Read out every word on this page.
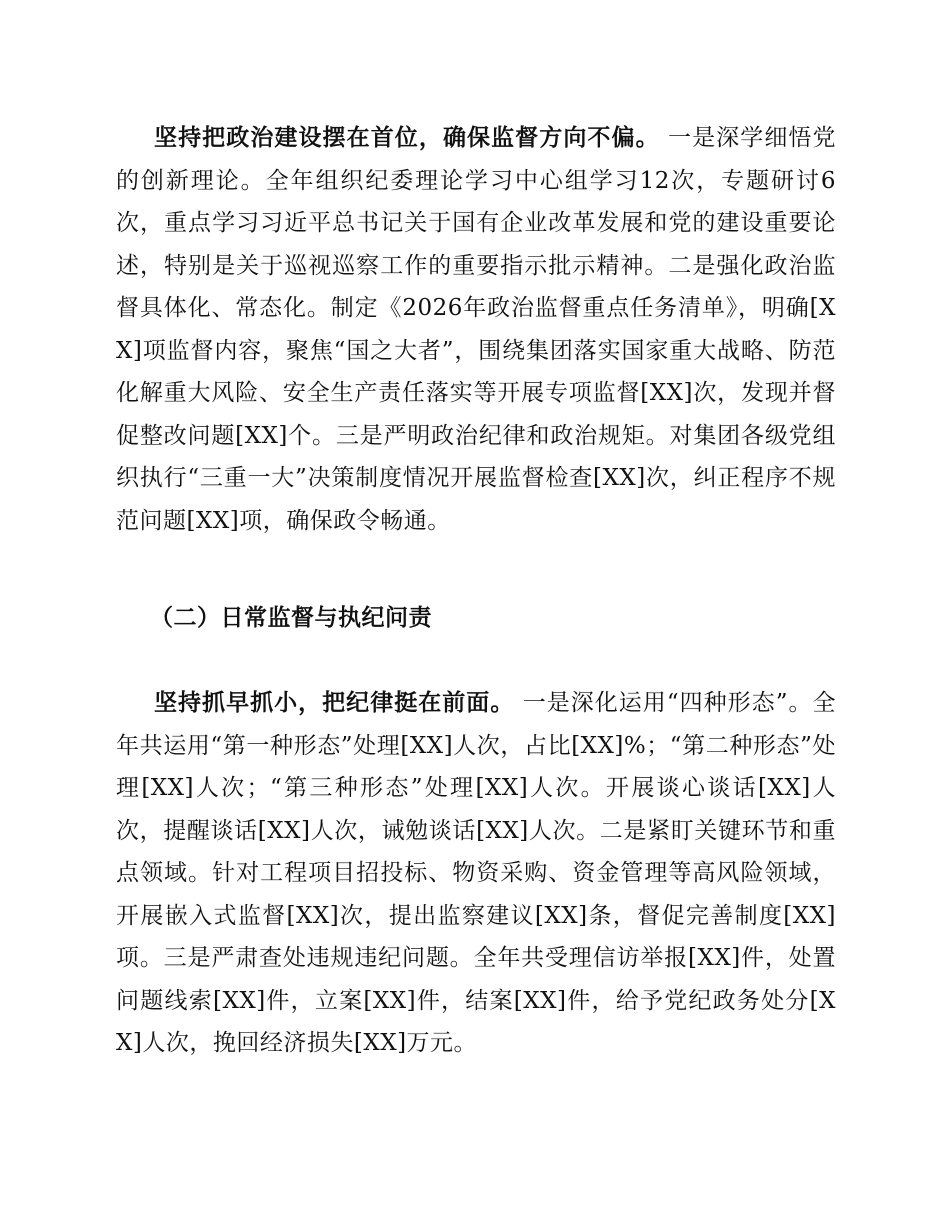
坚持把政治建设摆在首位，确保监督方向不偏。 一是深学细悟党的创新理论。全年组织纪委理论学习中心组学习12次，专题研讨6次，重点学习习近平总书记关于国有企业改革发展和党的建设重要论述，特别是关于巡视巡察工作的重要指示批示精神。二是强化政治监督具体化、常态化。制定《2026年政治监督重点任务清单》，明确[XX]项监督内容，聚焦“国之大者”，围绕集团落实国家重大战略、防范化解重大风险、安全生产责任落实等开展专项监督[XX]次，发现并督促整改问题[XX]个。三是严明政治纪律和政治规矩。对集团各级党组织执行“三重一大”决策制度情况开展监督检查[XX]次，纠正程序不规范问题[XX]项，确保政令畅通。

（二）日常监督与执纪问责

坚持抓早抓小，把纪律挺在前面。 一是深化运用“四种形态”。全年共运用“第一种形态”处理[XX]人次，占比[XX]%；“第二种形态”处理[XX]人次；“第三种形态”处理[XX]人次。开展谈心谈话[XX]人次，提醒谈话[XX]人次，诫勉谈话[XX]人次。二是紧盯关键环节和重点领域。针对工程项目招投标、物资采购、资金管理等高风险领域，开展嵌入式监督[XX]次，提出监察建议[XX]条，督促完善制度[XX]项。三是严肃查处违规违纪问题。全年共受理信访举报[XX]件，处置问题线索[XX]件，立案[XX]件，结案[XX]件，给予党纪政务处分[XX]人次，挽回经济损失[XX]万元。
